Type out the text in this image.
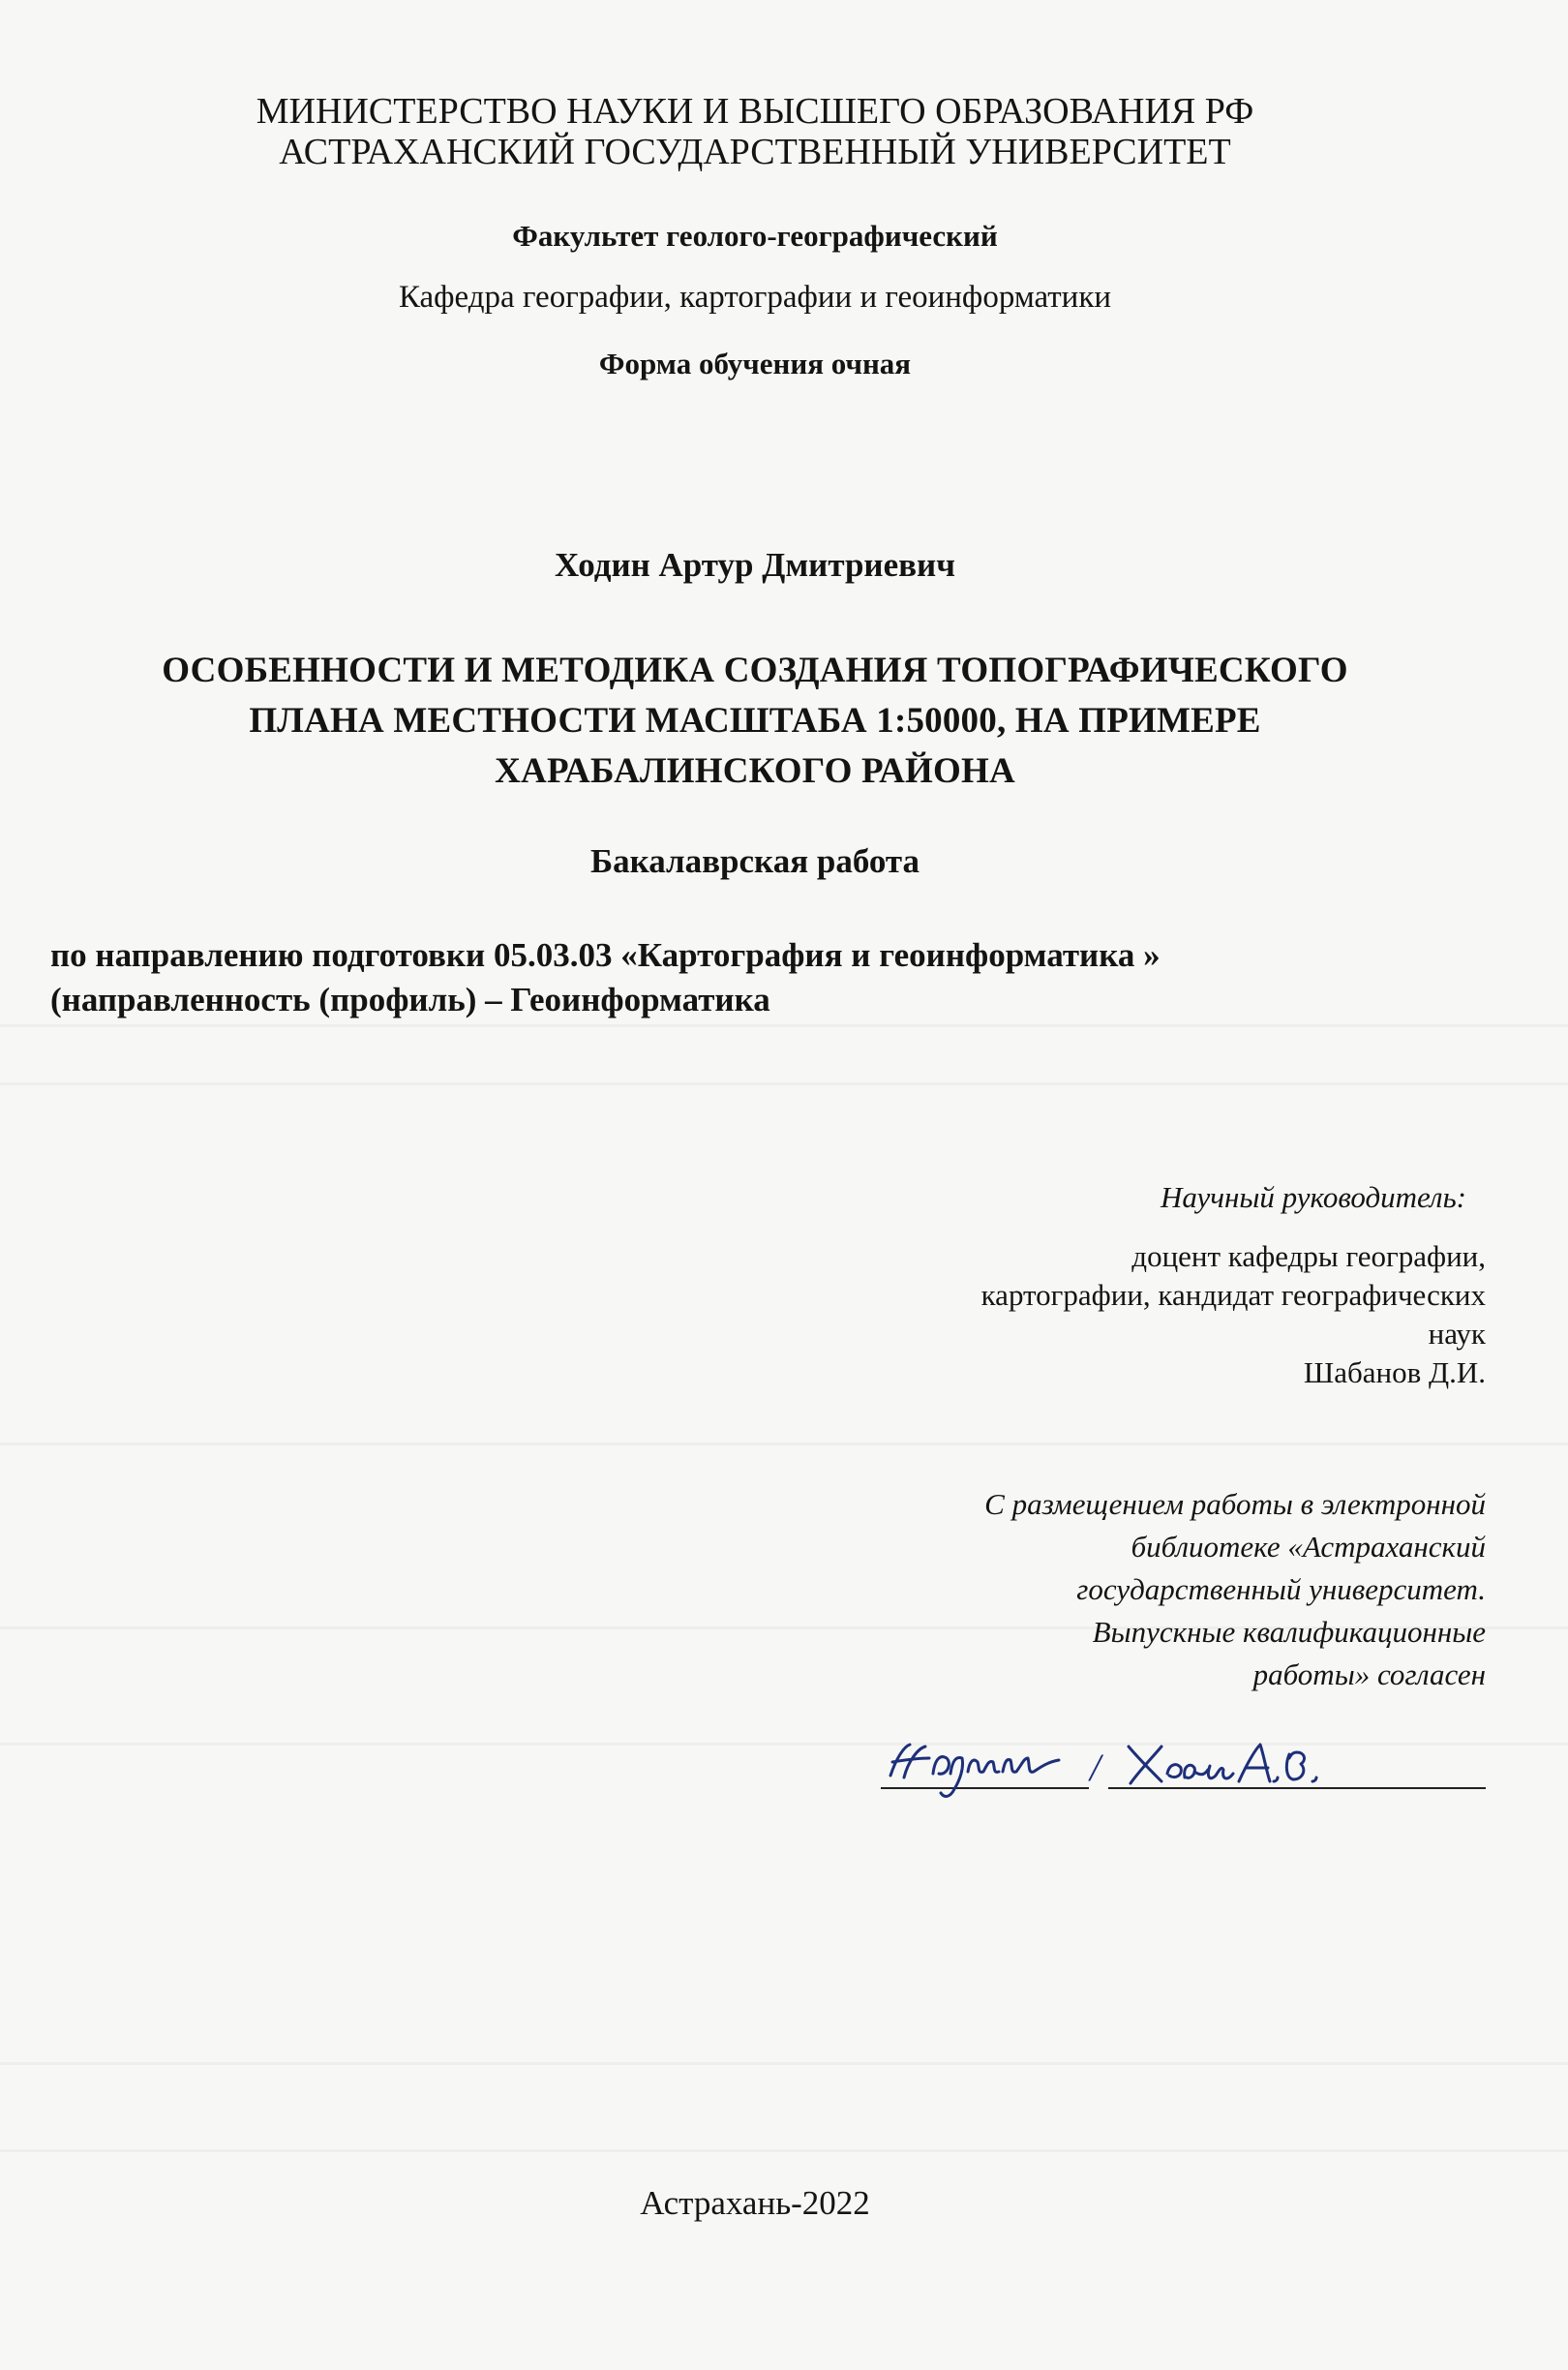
МИНИСТЕРСТВО НАУКИ И ВЫСШЕГО ОБРАЗОВАНИЯ РФ
АСТРАХАНСКИЙ ГОСУДАРСТВЕННЫЙ УНИВЕРСИТЕТ
Факультет геолого-географический
Кафедра географии, картографии и геоинформатики
Форма обучения очная
Ходин Артур Дмитриевич
ОСОБЕННОСТИ И МЕТОДИКА СОЗДАНИЯ ТОПОГРАФИЧЕСКОГО
ПЛАНА МЕСТНОСТИ МАСШТАБА 1:50000, НА ПРИМЕРЕ
ХАРАБАЛИНСКОГО РАЙОНА
Бакалаврская работа
по направлению подготовки 05.03.03 «Картография и геоинформатика »
(направленность (профиль) – Геоинформатика
Научный руководитель:
доцент кафедры географии,
картографии, кандидат географических
наук
Шабанов Д.И.
С размещением работы в электронной
библиотеке «Астраханский
государственный университет.
Выпускные квалификационные
работы» согласен
/
Астрахань-2022
